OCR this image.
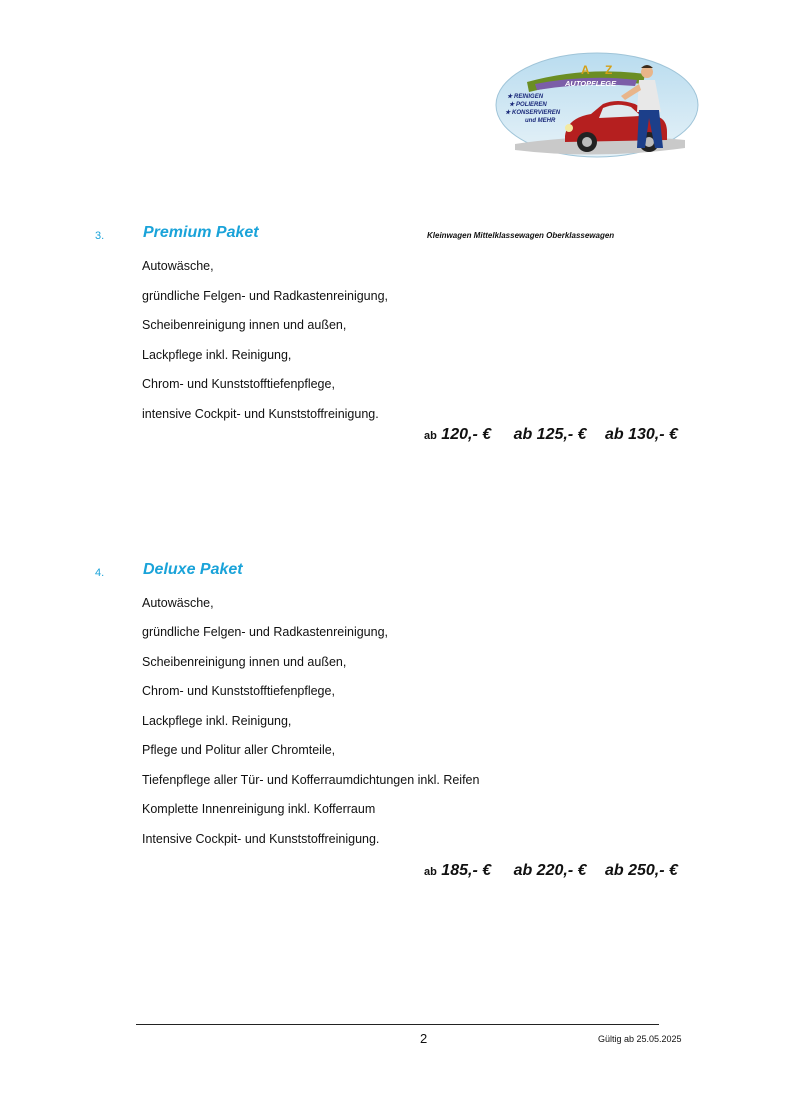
A Z
AUTOPFLEGE
★ REINIGEN
★ POLIEREN
★ KONSERVIEREN
und MEHR
3. Premium Paket	Kleinwagen Mittelklassewagen Oberklassewagen
Autowäsche,
gründliche Felgen- und Radkastenreinigung,
Scheibenreinigung innen und außen,
Lackpflege inkl. Reinigung,
Chrom- und Kunststofftiefenpflege,
intensive Cockpit- und Kunststoffreinigung.
ab 120,- € ab 125,- € ab 130,- €
4. Deluxe Paket
Autowäsche,
gründliche Felgen- und Radkastenreinigung,
Scheibenreinigung innen und außen,
Chrom- und Kunststofftiefenpflege,
Lackpflege inkl. Reinigung,
Pflege und Politur aller Chromteile,
Tiefenpflege aller Tür- und Kofferraumdichtungen inkl. Reifen
Komplette Innenreinigung inkl. Kofferraum
Intensive Cockpit- und Kunststoffreinigung.
ab 185,- € ab 220,- € ab 250,- €
2	Gültig ab 25.05.2025
